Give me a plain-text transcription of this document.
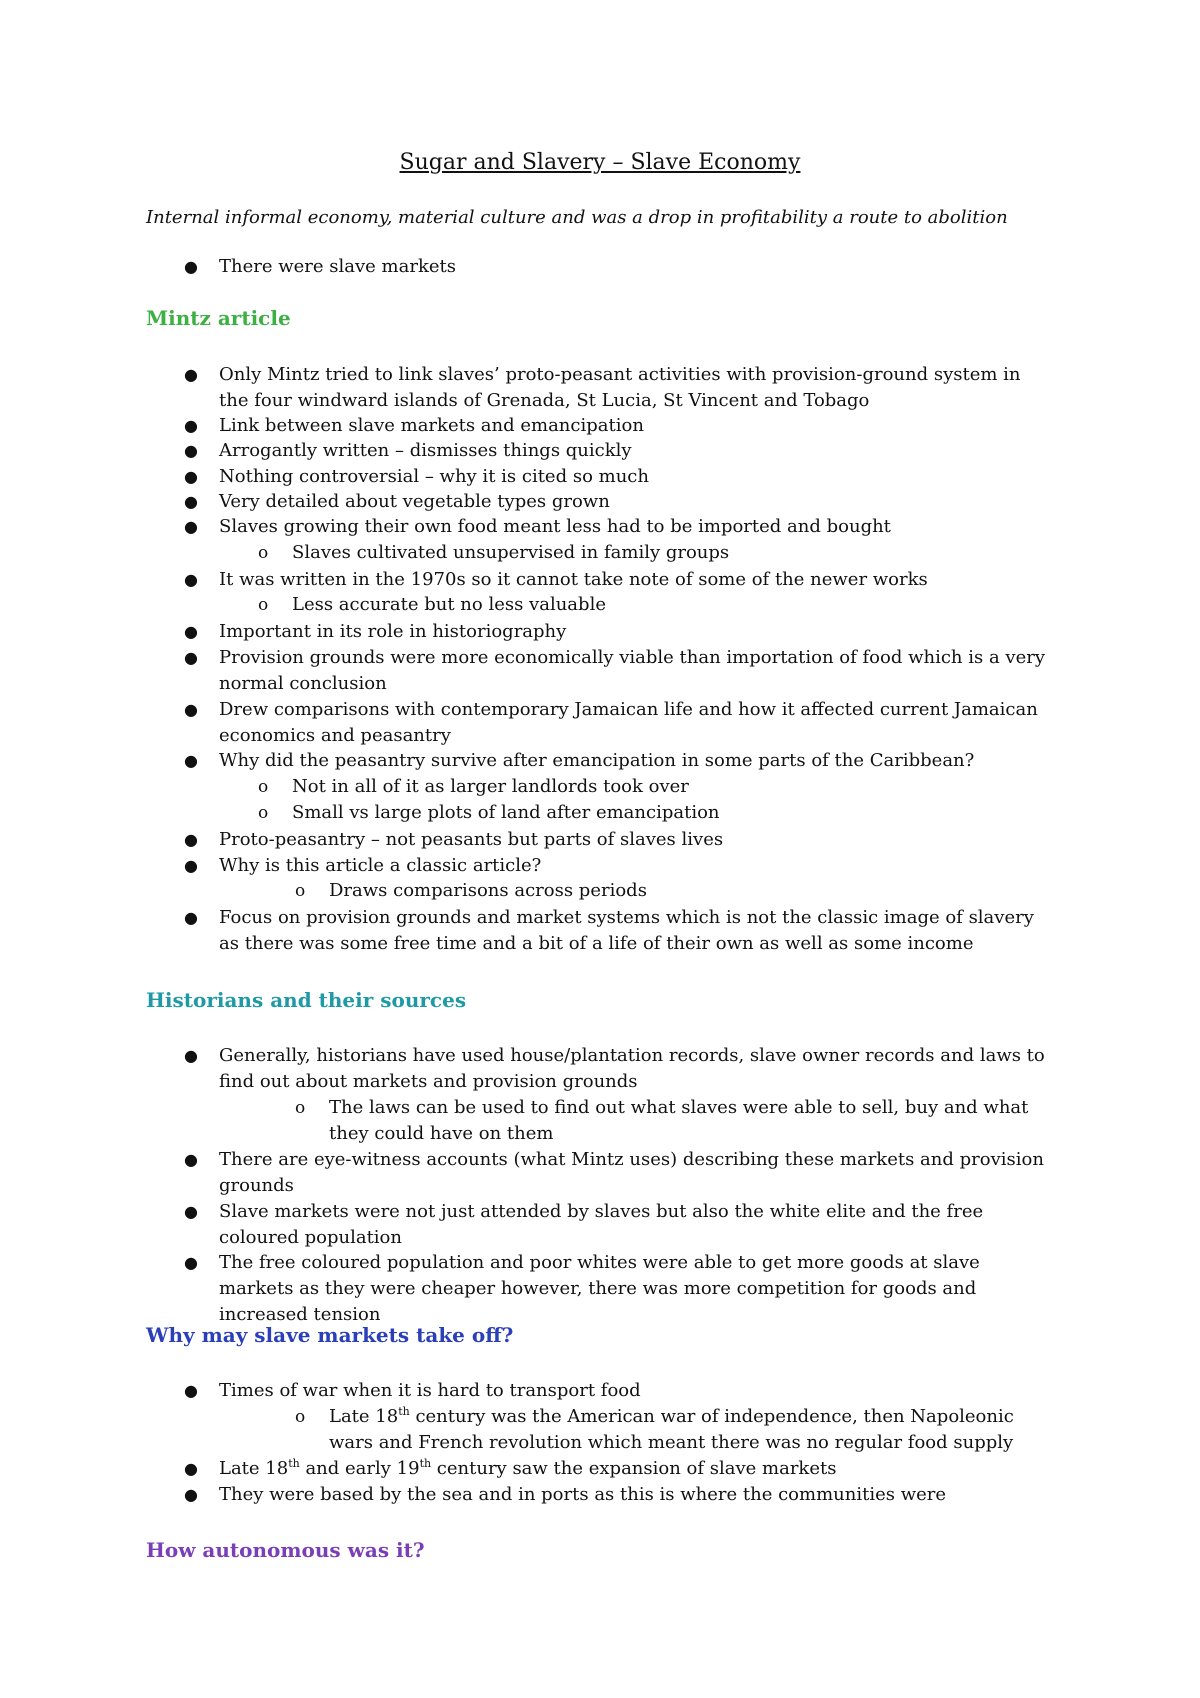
Sugar and Slavery – Slave Economy
Internal informal economy, material culture and was a drop in profitability a route to abolition
● There were slave markets
Mintz article
● Only Mintz tried to link slaves’ proto-peasant activities with provision-ground system in the four windward islands of Grenada, St Lucia, St Vincent and Tobago
● Link between slave markets and emancipation
● Arrogantly written – dismisses things quickly
● Nothing controversial – why it is cited so much
● Very detailed about vegetable types grown
● Slaves growing their own food meant less had to be imported and bought
o Slaves cultivated unsupervised in family groups
● It was written in the 1970s so it cannot take note of some of the newer works
o Less accurate but no less valuable
● Important in its role in historiography
● Provision grounds were more economically viable than importation of food which is a very normal conclusion
● Drew comparisons with contemporary Jamaican life and how it affected current Jamaican economics and peasantry
● Why did the peasantry survive after emancipation in some parts of the Caribbean?
o Not in all of it as larger landlords took over
o Small vs large plots of land after emancipation
● Proto-peasantry – not peasants but parts of slaves lives
● Why is this article a classic article?
o Draws comparisons across periods
● Focus on provision grounds and market systems which is not the classic image of slavery as there was some free time and a bit of a life of their own as well as some income
Historians and their sources
● Generally, historians have used house/plantation records, slave owner records and laws to find out about markets and provision grounds
o The laws can be used to find out what slaves were able to sell, buy and what they could have on them
● There are eye-witness accounts (what Mintz uses) describing these markets and provision grounds
● Slave markets were not just attended by slaves but also the white elite and the free coloured population
● The free coloured population and poor whites were able to get more goods at slave markets as they were cheaper however, there was more competition for goods and increased tension
Why may slave markets take off?
● Times of war when it is hard to transport food
o Late 18th century was the American war of independence, then Napoleonic wars and French revolution which meant there was no regular food supply
● Late 18th and early 19th century saw the expansion of slave markets
● They were based by the sea and in ports as this is where the communities were
How autonomous was it?
